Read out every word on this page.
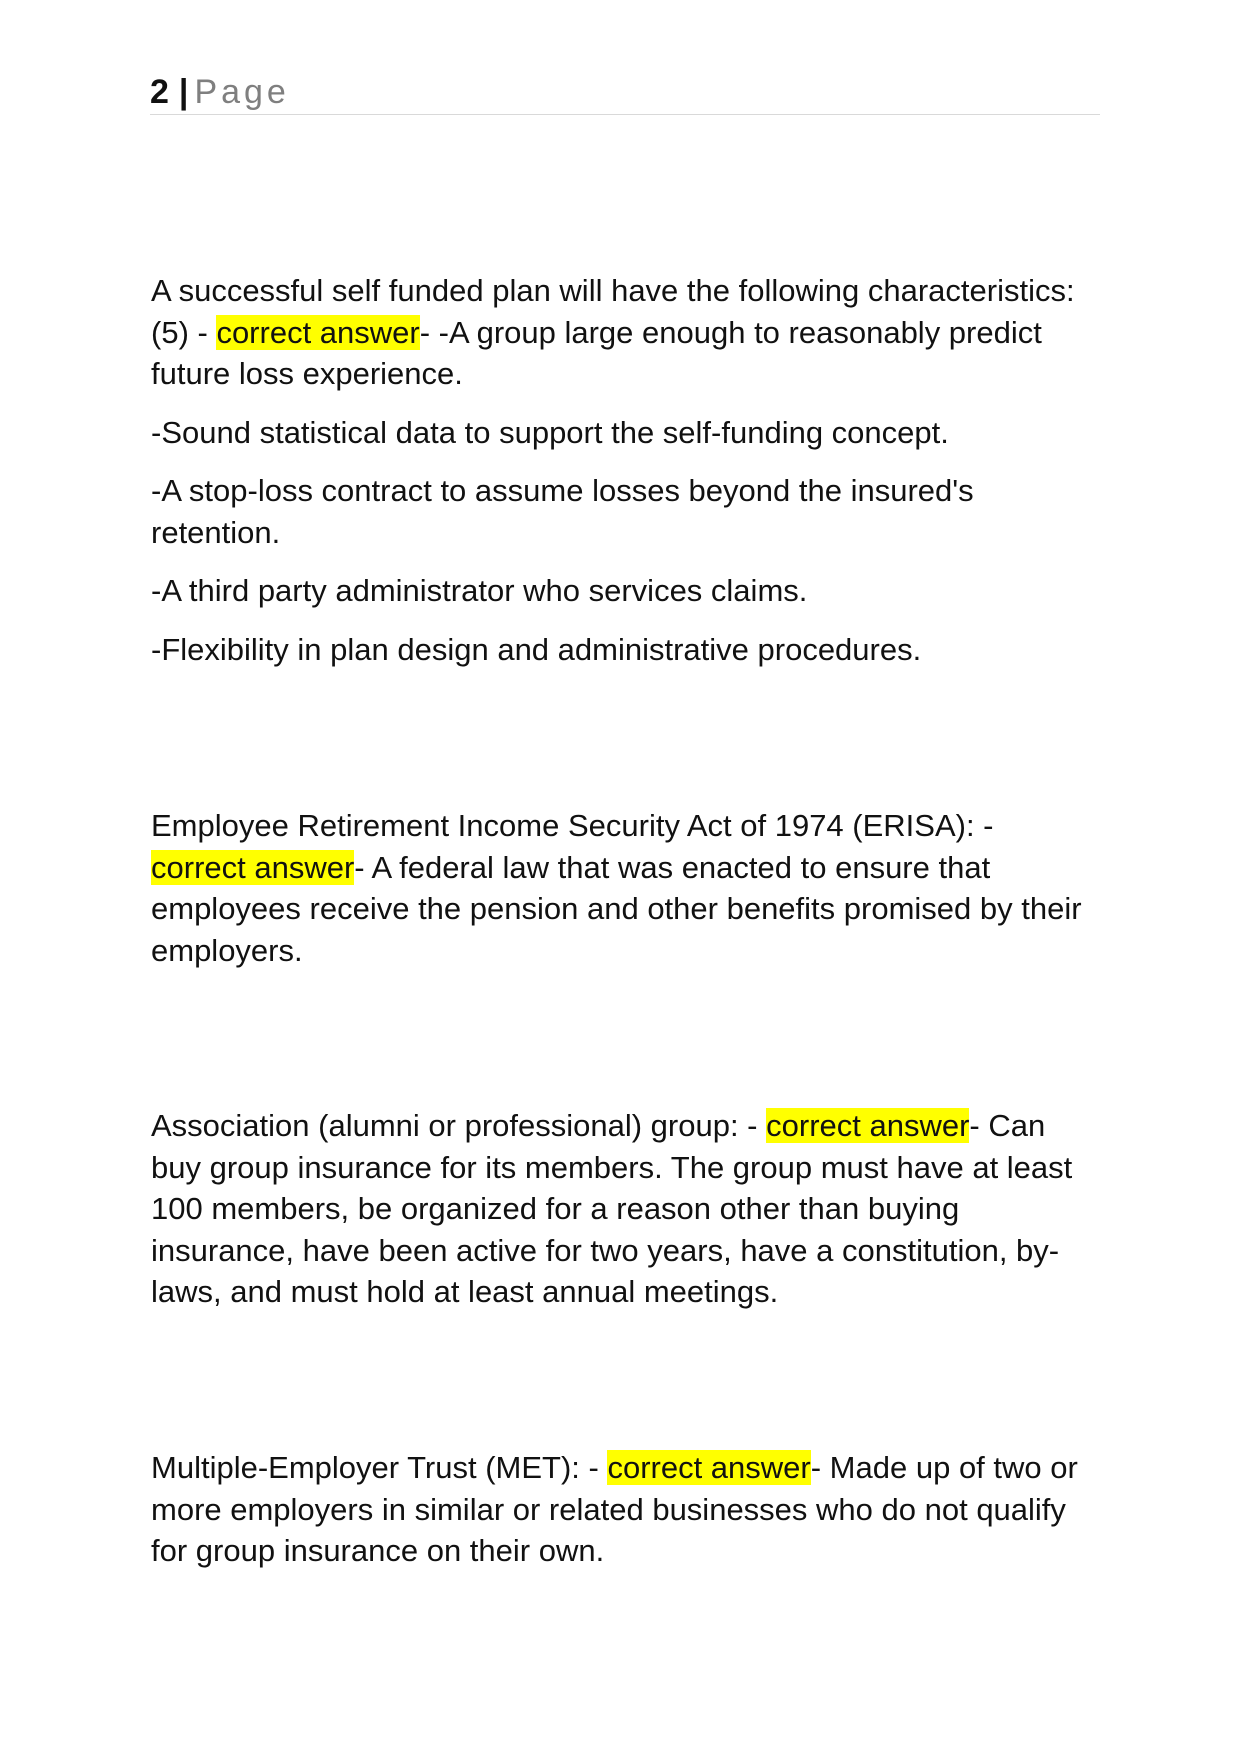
2 | Page

A successful self funded plan will have the following characteristics: (5) - correct answer- -A group large enough to reasonably predict future loss experience.

-Sound statistical data to support the self-funding concept.

-A stop-loss contract to assume losses beyond the insured's retention.

-A third party administrator who services claims.

-Flexibility in plan design and administrative procedures.

Employee Retirement Income Security Act of 1974 (ERISA): - correct answer- A federal law that was enacted to ensure that employees receive the pension and other benefits promised by their employers.

Association (alumni or professional) group: - correct answer- Can buy group insurance for its members. The group must have at least 100 members, be organized for a reason other than buying insurance, have been active for two years, have a constitution, by-laws, and must hold at least annual meetings.

Multiple-Employer Trust (MET): - correct answer- Made up of two or more employers in similar or related businesses who do not qualify for group insurance on their own.
